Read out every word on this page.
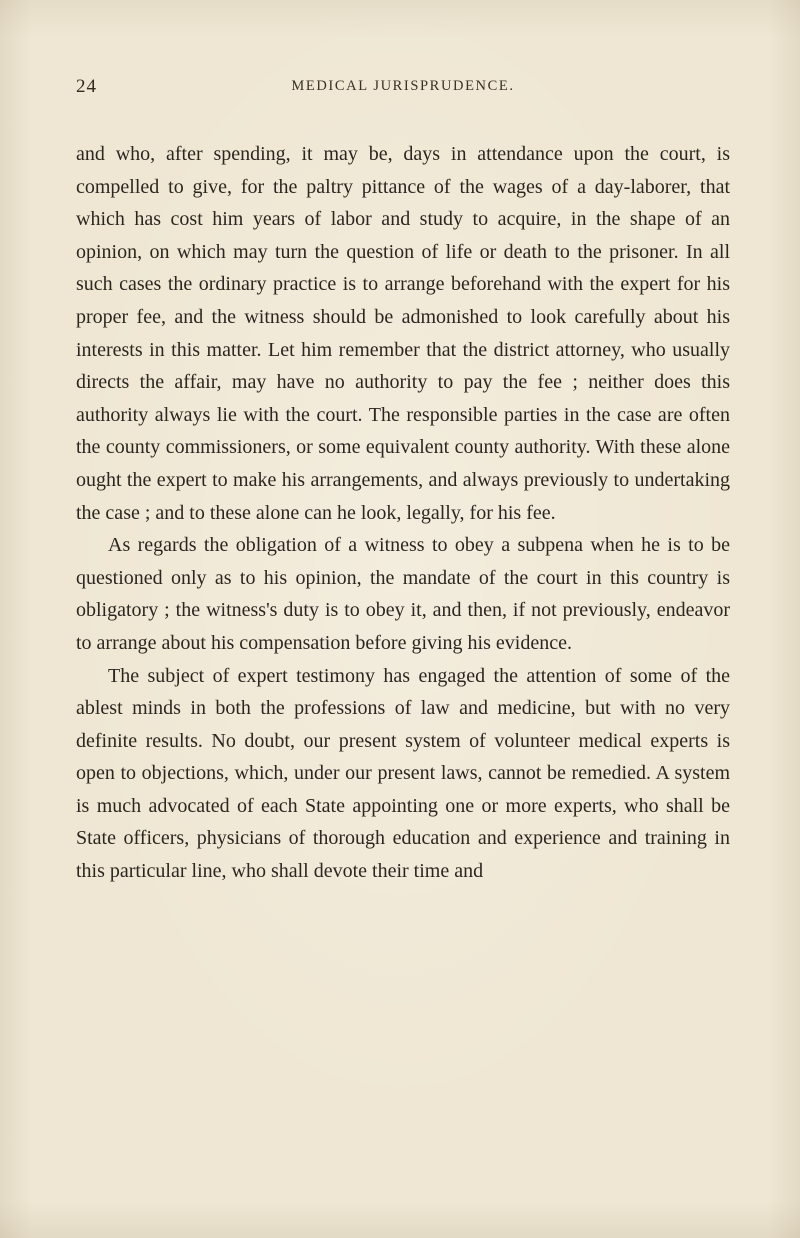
24	MEDICAL JURISPRUDENCE.

and who, after spending, it may be, days in attendance upon the court, is compelled to give, for the paltry pittance of the wages of a day-laborer, that which has cost him years of labor and study to acquire, in the shape of an opinion, on which may turn the question of life or death to the prisoner. In all such cases the ordinary practice is to arrange beforehand with the expert for his proper fee, and the witness should be admonished to look carefully about his interests in this matter. Let him remember that the district attorney, who usually directs the affair, may have no authority to pay the fee ; neither does this authority always lie with the court. The responsible parties in the case are often the county commissioners, or some equivalent county authority. With these alone ought the expert to make his arrangements, and always previously to undertaking the case ; and to these alone can he look, legally, for his fee.

As regards the obligation of a witness to obey a subpena when he is to be questioned only as to his opinion, the mandate of the court in this country is obligatory ; the witness's duty is to obey it, and then, if not previously, endeavor to arrange about his compensation before giving his evidence.

The subject of expert testimony has engaged the attention of some of the ablest minds in both the professions of law and medicine, but with no very definite results. No doubt, our present system of volunteer medical experts is open to objections, which, under our present laws, cannot be remedied. A system is much advocated of each State appointing one or more experts, who shall be State officers, physicians of thorough education and experience and training in this particular line, who shall devote their time and
